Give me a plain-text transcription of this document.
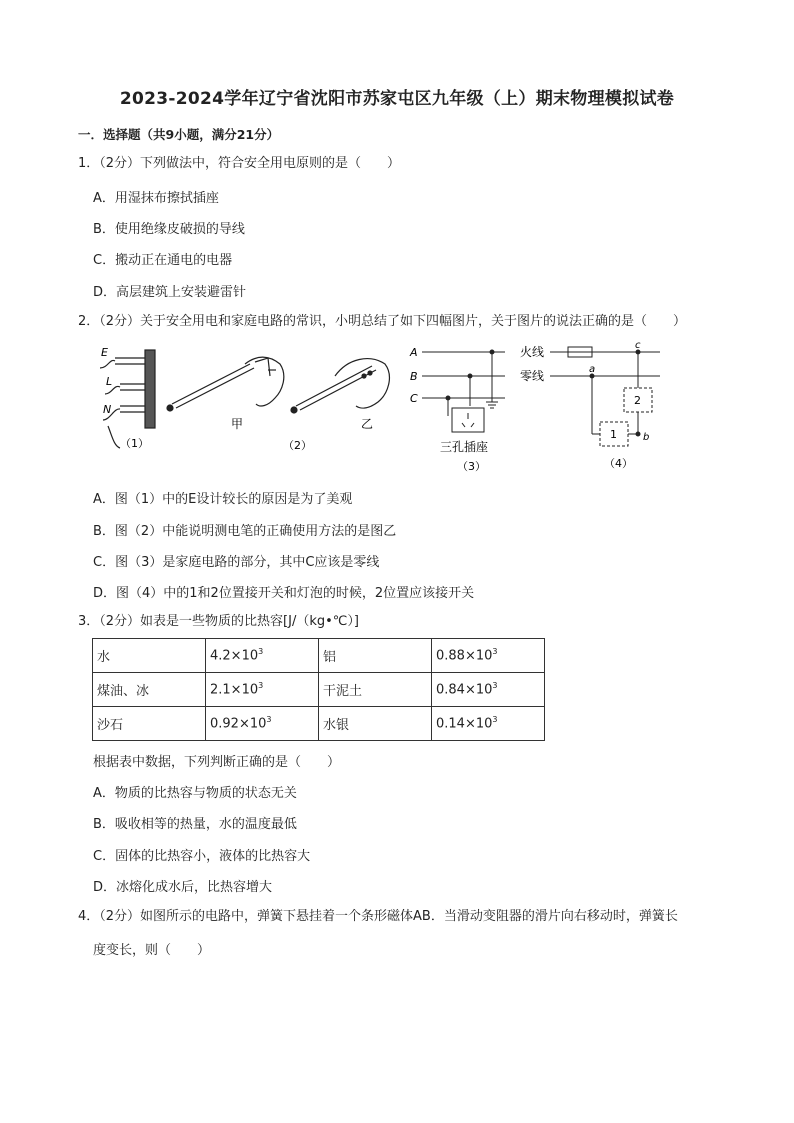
2023-2024学年辽宁省沈阳市苏家屯区九年级（上）期末物理模拟试卷
一．选择题（共9小题，满分21分）
1．（2分）下列做法中，符合安全用电原则的是（　　）
A．用湿抹布擦拭插座
B．使用绝缘皮破损的导线
C．搬动正在通电的电器
D．高层建筑上安装避雷针
2．（2分）关于安全用电和家庭电路的常识，小明总结了如下四幅图片，关于图片的说法正确的是（　　）
E
L
N
（1）
甲	乙
（2）
A
B
C
三孔插座
（3）
火线
零线	a
b
c
1
2
（4）
A．图（1）中的E设计较长的原因是为了美观
B．图（2）中能说明测电笔的正确使用方法的是图乙
C．图（3）是家庭电路的部分，其中C应该是零线
D．图（4）中的1和2位置接开关和灯泡的时候，2位置应该接开关
3．（2分）如表是一些物质的比热容[J/（kg•℃）]
水	$4.2\times 10^3$	铝	$0.88\times 10^3$
煤油、冰	$2.1\times 10^3$	干泥土	$0.84\times 10^3$
沙石	$0.92\times 10^3$	水银	$0.14\times 10^3$
根据表中数据，下列判断正确的是（　　）
A．物质的比热容与物质的状态无关
B．吸收相等的热量，水的温度最低
C．固体的比热容小，液体的比热容大
D．冰熔化成水后，比热容增大
4．（2分）如图所示的电路中，弹簧下悬挂着一个条形磁体AB．当滑动变阻器的滑片向右移动时，弹簧长
度变长，则（　　）
